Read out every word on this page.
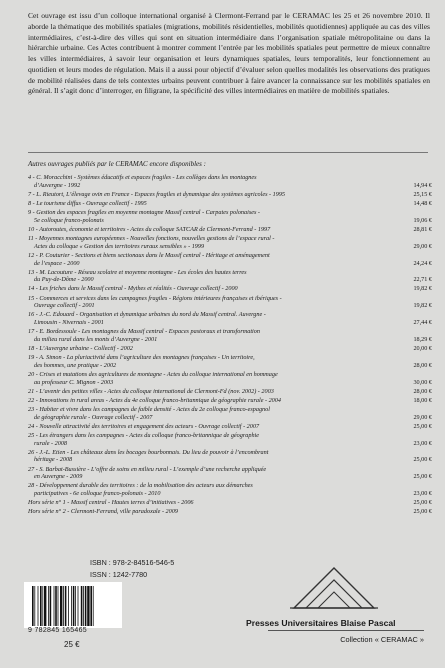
Cet ouvrage est issu d’un colloque international organisé à Clermont-Ferrand par le CERAMAC les 25 et 26 novembre 2010. Il aborde la thématique des mobilités spatiales (migrations, mobilités résidentielles, mobilités quotidiennes) appliquée au cas des villes intermédiaires, c’est-à-dire des villes qui sont en situation intermédiaire dans l’organisation spatiale métropolitaine ou dans la hiérarchie urbaine. Ces Actes contribuent à montrer comment l’entrée par les mobilités spatiales peut permettre de mieux connaître les villes intermédiaires, à savoir leur organisation et leurs dynamiques spatiales, leurs temporalités, leur fonctionnement au quotidien et leurs modes de régulation. Mais il a aussi pour objectif d’évaluer selon quelles modalités les observations des pratiques de mobilité réalisées dans de tels contextes urbains peuvent contribuer à faire avancer la connaissance sur les mobilités spatiales en général. Il s’agit donc d’interroger, en filigrane, la spécificité des villes intermédiaires en matière de mobilités spatiales.

Autres ouvrages publiés par le CERAMAC encore disponibles :
4 - C. Moracchini - Systèmes éducatifs et espaces fragiles - Les collèges dans les montagnes
d’Auvergne - 1992	14,94 €
7 - L. Rieutort, L’élevage ovin en France - Espaces fragiles et dynamique des systèmes agricoles - 1995	25,15 €
8 - Le tourisme diffus - Ouvrage collectif - 1995	14,48 €
9 - Gestion des espaces fragiles en moyenne montagne Massif central - Carpates polonaises -
5e colloque franco-polonais	19,06 €
10 - Autoroutes, économie et territoires - Actes du colloque SATCAR de Clermont-Ferrand - 1997	28,81 €
11 - Moyennes montagnes européennes - Nouvelles fonctions, nouvelles gestions de l’espace rural -
Actes du colloque « Gestion des territoires ruraux sensibles » - 1999	29,00 €
12 - P. Couturier - Sections et biens sectionaux dans le Massif central - Héritage et aménagement
de l’espace - 2000	24,24 €
13 - M. Lacouture - Réseau scolaire et moyenne montagne - Les écoles des hautes terres
du Puy-de-Dôme - 2000	22,71 €
14 - Les friches dans le Massif central - Mythes et réalités - Ouvrage collectif - 2000	19,82 €
15 - Commerces et services dans les campagnes fragiles - Régions intérieures françaises et ibériques -
Ouvrage collectif - 2001	19,82 €
16 - J.-C. Edouard - Organisation et dynamique urbaines du nord du Massif central. Auvergne -
Limousin - Nivernais - 2001	27,44 €
17 - E. Bordessoule - Les montagnes du Massif central - Espaces pastoraux et transformation
du milieu rural dans les monts d’Auvergne - 2001	18,29 €
18 - L’Auvergne urbaine - Collectif - 2002	20,00 €
19 - A. Simon - La pluriactivité dans l’agriculture des montagnes françaises - Un territoire,
des hommes, une pratique - 2002	28,00 €
20 - Crises et mutations des agricultures de montagne - Actes du colloque international en hommage
au professeur C. Mignon - 2003	30,00 €
21 - L’avenir des petites villes - Actes du colloque international de Clermont-Fd (nov. 2002) - 2003	28,00 €
22 - Innovations in rural areas - Actes du 4e colloque franco-britannique de géographie rurale - 2004	18,00 €
23 - Habiter et vivre dans les campagnes de faible densité - Actes du 2e colloque franco-espagnol
de géographie rurale - Ouvrage collectif - 2007	29,00 €
24 - Nouvelle attractivité des territoires et engagement des acteurs - Ouvrage collectif - 2007	25,00 €
25 - Les étrangers dans les campagnes - Actes du colloque franco-britannique de géographie
rurale - 2008	23,00 €
26 - J.-L. Etien - Les châteaux dans les bocages bourbonnais. Du lieu de pouvoir à l’encombrant
héritage - 2008	25,00 €
27 - S. Barbat-Bussière - L’offre de soins en milieu rural - L’exemple d’une recherche appliquée
en Auvergne - 2009	25,00 €
28 - Développement durable des territoires : de la mobilisation des acteurs aux démarches
participatives - 6e colloque franco-polonais - 2010	23,00 €
Hors série n° 1 - Massif central - Hautes terres d’initiatives - 2006	25,00 €
Hors série n° 2 - Clermont-Ferrand, ville paradoxale - 2009	25,00 €
ISBN : 978-2-84516-546-5
ISSN : 1242-7780
9 782845 165465
25 €
Presses Universitaires Blaise Pascal
Collection « CERAMAC »
